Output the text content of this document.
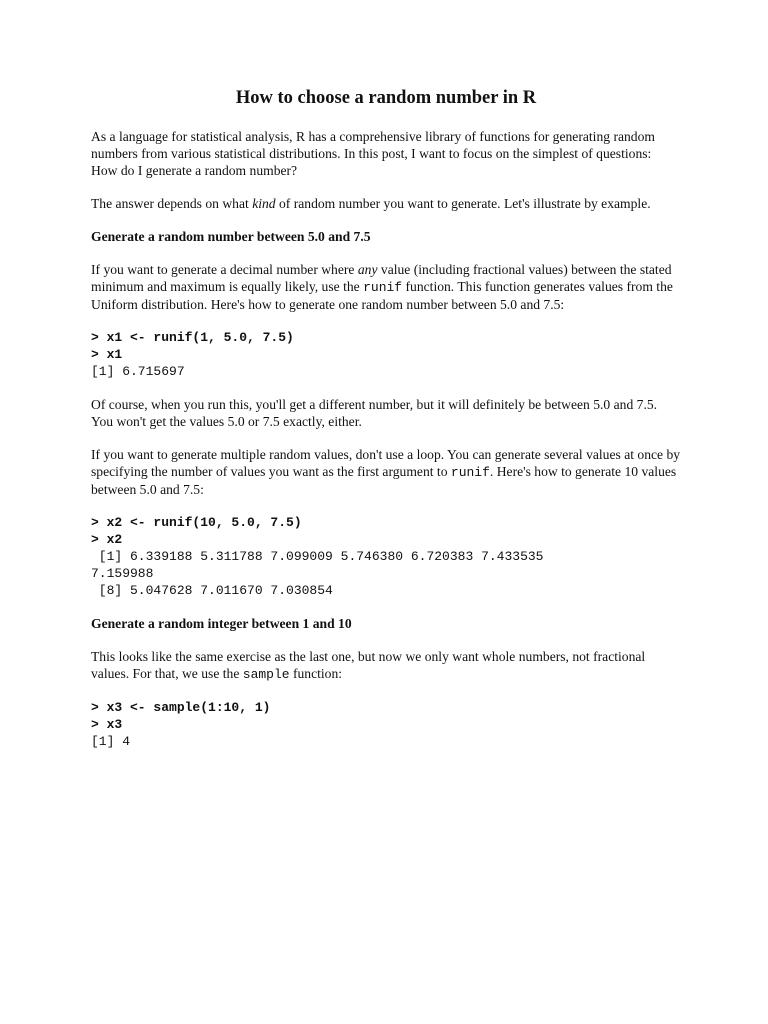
How to choose a random number in R

As a language for statistical analysis, R has a comprehensive library of functions for generating random numbers from various statistical distributions. In this post, I want to focus on the simplest of questions: How do I generate a random number?

The answer depends on what kind of random number you want to generate. Let's illustrate by example.

Generate a random number between 5.0 and 7.5

If you want to generate a decimal number where any value (including fractional values) between the stated minimum and maximum is equally likely, use the runif function. This function generates values from the Uniform distribution. Here's how to generate one random number between 5.0 and 7.5:

> x1 <- runif(1, 5.0, 7.5)
> x1
[1] 6.715697

Of course, when you run this, you'll get a different number, but it will definitely be between 5.0 and 7.5. You won't get the values 5.0 or 7.5 exactly, either.

If you want to generate multiple random values, don't use a loop. You can generate several values at once by specifying the number of values you want as the first argument to runif. Here's how to generate 10 values between 5.0 and 7.5:

> x2 <- runif(10, 5.0, 7.5)
> x2
[1] 6.339188 5.311788 7.099009 5.746380 6.720383 7.433535
7.159988
[8] 5.047628 7.011670 7.030854
Generate a random integer between 1 and 10

This looks like the same exercise as the last one, but now we only want whole numbers, not fractional values. For that, we use the sample function:

> x3 <- sample(1:10, 1)
> x3
[1] 4
